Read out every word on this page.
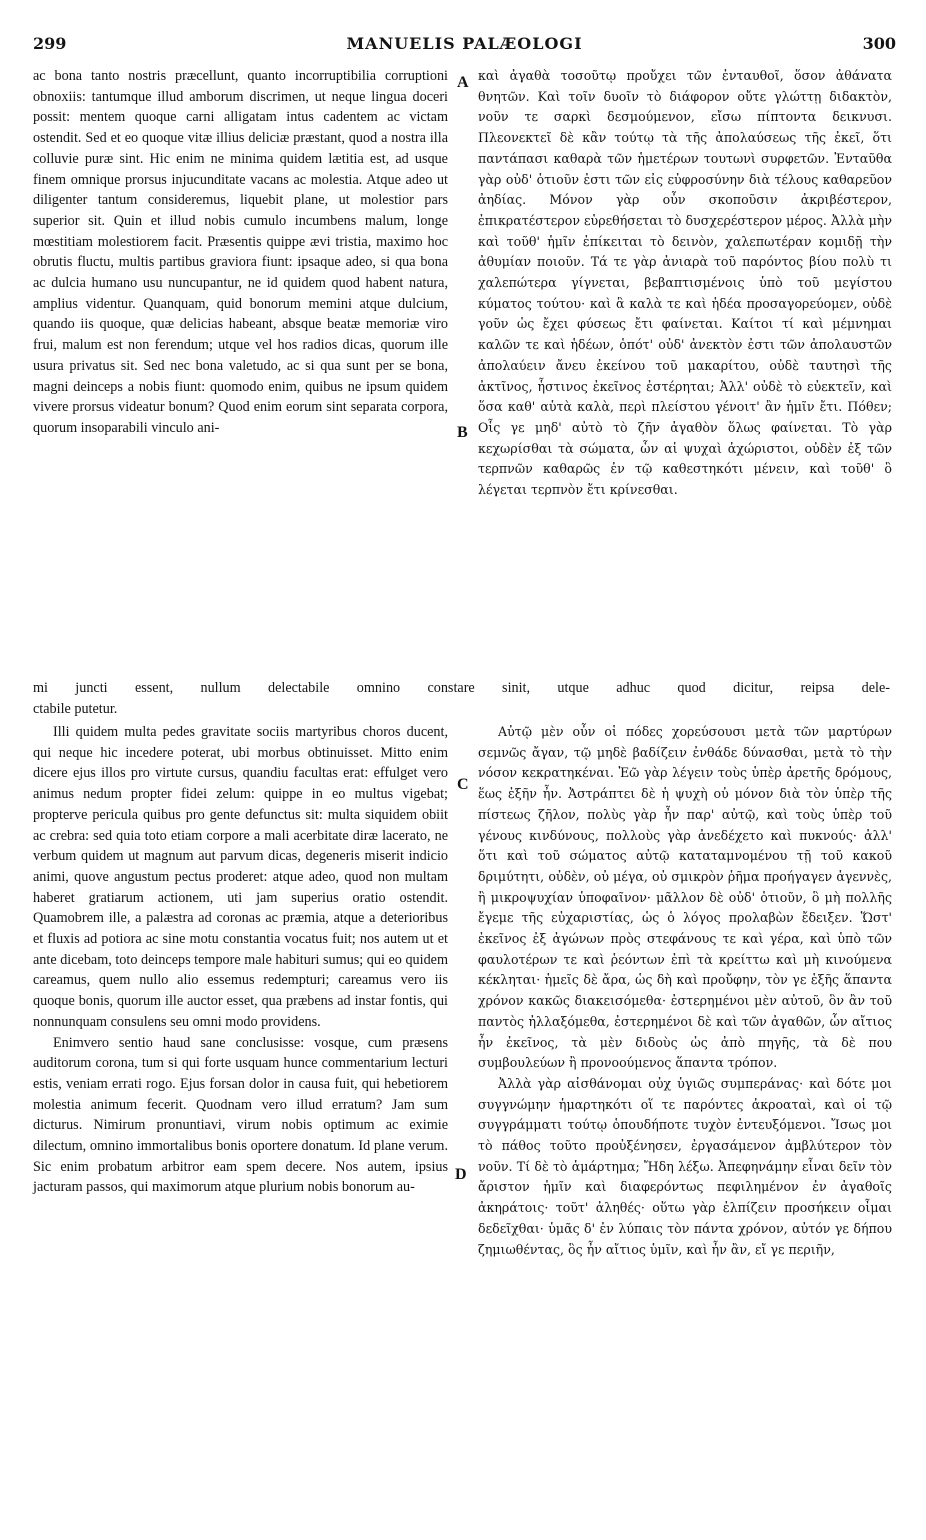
299	MANUELIS PALÆOLOGI	300

ac bona tanto nostris præcellunt, quanto incorruptibilia corruptioni obnoxiis: tantumque illud amborum discrimen, ut neque lingua doceri possit: mentem quoque carni alligatam intus cadentem ac victam ostendit. Sed et eo quoque vitæ illius deliciæ præstant, quod a nostra illa colluvie puræ sint. Hic enim ne minima quidem lætitia est, ad usque finem omnique prorsus injucunditate vacans ac molestia. Atque adeo ut diligenter tantum consideremus, liquebit plane, ut molestior pars superior sit. Quin et illud nobis cumulo incumbens malum, longe mœstitiam molestiorem facit. Præsentis quippe ævi tristia, maximo hoc obrutis fluctu, multis partibus graviora fiunt: ipsaque adeo, si qua bona ac dulcia humano usu nuncupantur, ne id quidem quod habent natura, amplius videntur. Quanquam, quid bonorum memini atque dulcium, quando iis quoque, quæ delicias habeant, absque beatæ memoriæ viro frui, malum est non ferendum; utque vel hos radios dicas, quorum ille usura privatus sit. Sed nec bona valetudo, ac si qua sunt per se bona, magni deinceps a nobis fiunt: quomodo enim, quibus ne ipsum quidem vivere prorsus videatur bonum? Quod enim eorum sint separata corpora, quorum insoparabili vinculo ani-

καὶ ἀγαθὰ τοσοῦτῳ προὔχει τῶν ἐνταυθοῖ, ὅσον ἀθάνατα θνητῶν. Καὶ τοῖν δυοῖν τὸ διάφορον οὔτε γλώττῃ διδακτὸν, νοῦν τε σαρκὶ δεσμούμενον, εἴσω πίπτοντα δεικνυσι. Πλεονεκτεῖ δὲ κἂν τούτῳ τὰ τῆς ἀπολαύσεως τῆς ἐκεῖ, ὅτι παντάπασι καθαρὰ τῶν ἡμετέρων τουτωνὶ συρφετῶν. Ἐνταῦθα γὰρ οὐδ' ὁτιοῦν ἐστι τῶν εἰς εὐφροσύνην διὰ τέλους καθαρεῦον ἀηδίας. Μόνον γὰρ οὖν σκοποῦσιν ἀκριβέστερον, ἐπικρατέστερον εὑρεθήσεται τὸ δυσχερέστερον μέρος. Ἀλλὰ μὴν καὶ τοῦθ' ἡμῖν ἐπίκειται τὸ δεινὸν, χαλεπωτέραν κομιδῇ τὴν ἀθυμίαν ποιοῦν. Τά τε γὰρ ἀνιαρὰ τοῦ παρόντος βίου πολὺ τι χαλεπώτερα γίγνεται, βεβαπτισμένοις ὑπὸ τοῦ μεγίστου κύματος τούτου· καὶ ἃ καλὰ τε καὶ ἡδέα προσαγορεύομεν, οὐδὲ γοῦν ὡς ἔχει φύσεως ἔτι φαίνεται. Καίτοι τί καὶ μέμνημαι καλῶν τε καὶ ἡδέων, ὁπότ' οὐδ' ἀνεκτὸν ἐστι τῶν ἀπολαυστῶν ἀπολαύειν ἄνευ ἐκείνου τοῦ μακαρίτου, οὐδὲ ταυτησὶ τῆς ἀκτῖνος, ἧστινος ἐκεῖνος ἐστέρηται; Ἀλλ' οὐδὲ τὸ εὐεκτεῖν, καὶ ὅσα καθ' αὑτὰ καλὰ, περὶ πλείστου γένοιτ' ἂν ἡμῖν ἔτι. Πόθεν; Οἷς γε μηδ' αὐτὸ τὸ ζῆν ἀγαθὸν ὅλως φαίνεται. Τὸ γὰρ κεχωρίσθαι τὰ σώματα, ὧν αἱ ψυχαὶ ἀχώριστοι, οὐδὲν ἐξ τῶν τερπνῶν καθαρῶς ἐν τῷ καθεστηκότι μένειν, καὶ τοῦθ' ὃ λέγεται τερπνὸν ἔτι κρίνεσθαι.

mi juncti essent, nullum delectabile omnino constare sinit, utque adhuc quod dicitur, reipsa dele-
ctabile putetur.

Illi quidem multa pedes gravitate sociis martyribus choros ducent, qui neque hic incedere poterat, ubi morbus obtinuisset. Mitto enim dicere ejus illos pro virtute cursus, quandiu facultas erat: effulget vero animus nedum propter fidei zelum: quippe in eo multus vigebat; propterve pericula quibus pro gente defunctus sit: multa siquidem obiit ac crebra: sed quia toto etiam corpore a mali acerbitate diræ lacerato, ne verbum quidem ut magnum aut parvum dicas, degeneris miserit indicio animi, quove angustum pectus proderet: atque adeo, quod non multam haberet gratiarum actionem, uti jam superius oratio ostendit. Quamobrem ille, a palæstra ad coronas ac præmia, atque a deterioribus et fluxis ad potiora ac sine motu constantia vocatus fuit; nos autem ut et ante dicebam, toto deinceps tempore male habituri sumus; qui eo quidem careamus, quem nullo alio essemus redempturi; careamus vero iis quoque bonis, quorum ille auctor esset, qua præbens ad instar fontis, qui nonnunquam consulens seu omni modo providens.

Enimvero sentio haud sane conclusisse: vosque, cum præsens auditorum corona, tum si qui forte usquam hunce commentarium lecturi estis, veniam errati rogo. Ejus forsan dolor in causa fuit, qui hebetiorem molestia animum fecerit. Quodnam vero illud erratum? Jam sum dicturus. Nimirum pronuntiavi, virum nobis optimum ac eximie dilectum, omnino immortalibus bonis oportere donatum. Id plane verum. Sic enim probatum arbitror eam spem decere. Nos autem, ipsius jacturam passos, qui maximorum atque plurium nobis bonorum au-

Αὐτῷ μὲν οὖν οἱ πόδες χορεύσουσι μετὰ τῶν μαρτύρων σεμνῶς ἄγαν, τῷ μηδὲ βαδίζειν ἐνθάδε δύνασθαι, μετὰ τὸ τὴν νόσον κεκρατηκέναι. Ἐῶ γὰρ λέγειν τοὺς ὑπὲρ ἀρετῆς δρόμους, ἕως ἐξῆν ἦν. Ἀστράπτει δὲ ἡ ψυχὴ οὐ μόνον διὰ τὸν ὑπὲρ τῆς πίστεως ζῆλον, πολὺς γὰρ ἦν παρ' αὐτῷ, καὶ τοὺς ὑπὲρ τοῦ γένους κινδύνους, πολλοὺς γὰρ ἀνεδέχετο καὶ πυκνούς· ἀλλ' ὅτι καὶ τοῦ σώματος αὐτῷ καταταμνομένου τῇ τοῦ κακοῦ δριμύτητι, οὐδὲν, οὐ μέγα, οὐ σμικρὸν ῥῆμα προήγαγεν ἀγεννὲς, ἢ μικροψυχίαν ὑποφαῖνον· μᾶλλον δὲ οὐδ' ὁτιοῦν, ὃ μὴ πολλῆς ἔγεμε τῆς εὐχαριστίας, ὡς ὁ λόγος προλαβὼν ἔδειξεν. Ὥστ' ἐκεῖνος ἐξ ἀγώνων πρὸς στεφάνους τε καὶ γέρα, καὶ ὑπὸ τῶν φαυλοτέρων τε καὶ ῥεόντων ἐπὶ τὰ κρείττω καὶ μὴ κινούμενα κέκληται· ἡμεῖς δὲ ἄρα, ὡς δὴ καὶ προὔφην, τὸν γε ἑξῆς ἅπαντα χρόνον κακῶς διακεισόμεθα· ἐστερημένοι μὲν αὐτοῦ, ὃν ἂν τοῦ παντὸς ἠλλαξόμεθα, ἐστερημένοι δὲ καὶ τῶν ἀγαθῶν, ὧν αἴτιος ἦν ἐκεῖνος, τὰ μὲν διδοὺς ὡς ἀπὸ πηγῆς, τὰ δὲ που συμβουλεύων ἢ προνοούμενος ἅπαντα τρόπον.

Ἀλλὰ γὰρ αἰσθάνομαι οὐχ ὑγιῶς συμπεράνας· καὶ δότε μοι συγγνώμην ἡμαρτηκότι οἵ τε παρόντες ἀκροαταὶ, καὶ οἱ τῷ συγγράμματι τούτῳ ὁπουδήποτε τυχὸν ἐντευξόμενοι. Ἴσως μοι τὸ πάθος τοῦτο προὐξένησεν, ἐργασάμενον ἀμβλύτερον τὸν νοῦν. Τί δὲ τὸ ἁμάρτημα; Ἤδη λέξω. Ἀπεφηνάμην εἶναι δεῖν τὸν ἄριστον ἡμῖν καὶ διαφερόντως πεφιλημένον ἐν ἀγαθοῖς ἀκηράτοις· τοῦτ' ἀληθές· οὕτω γὰρ ἐλπίζειν προσήκειν οἶμαι δεδεῖχθαι· ὑμᾶς δ' ἐν λύπαις τὸν πάντα χρόνον, αὐτόν γε δήπου ζημιωθέντας, ὃς ἦν αἴτιος ὑμῖν, καὶ ἦν ἂν, εἴ γε περιῆν,

A
B
C
D
